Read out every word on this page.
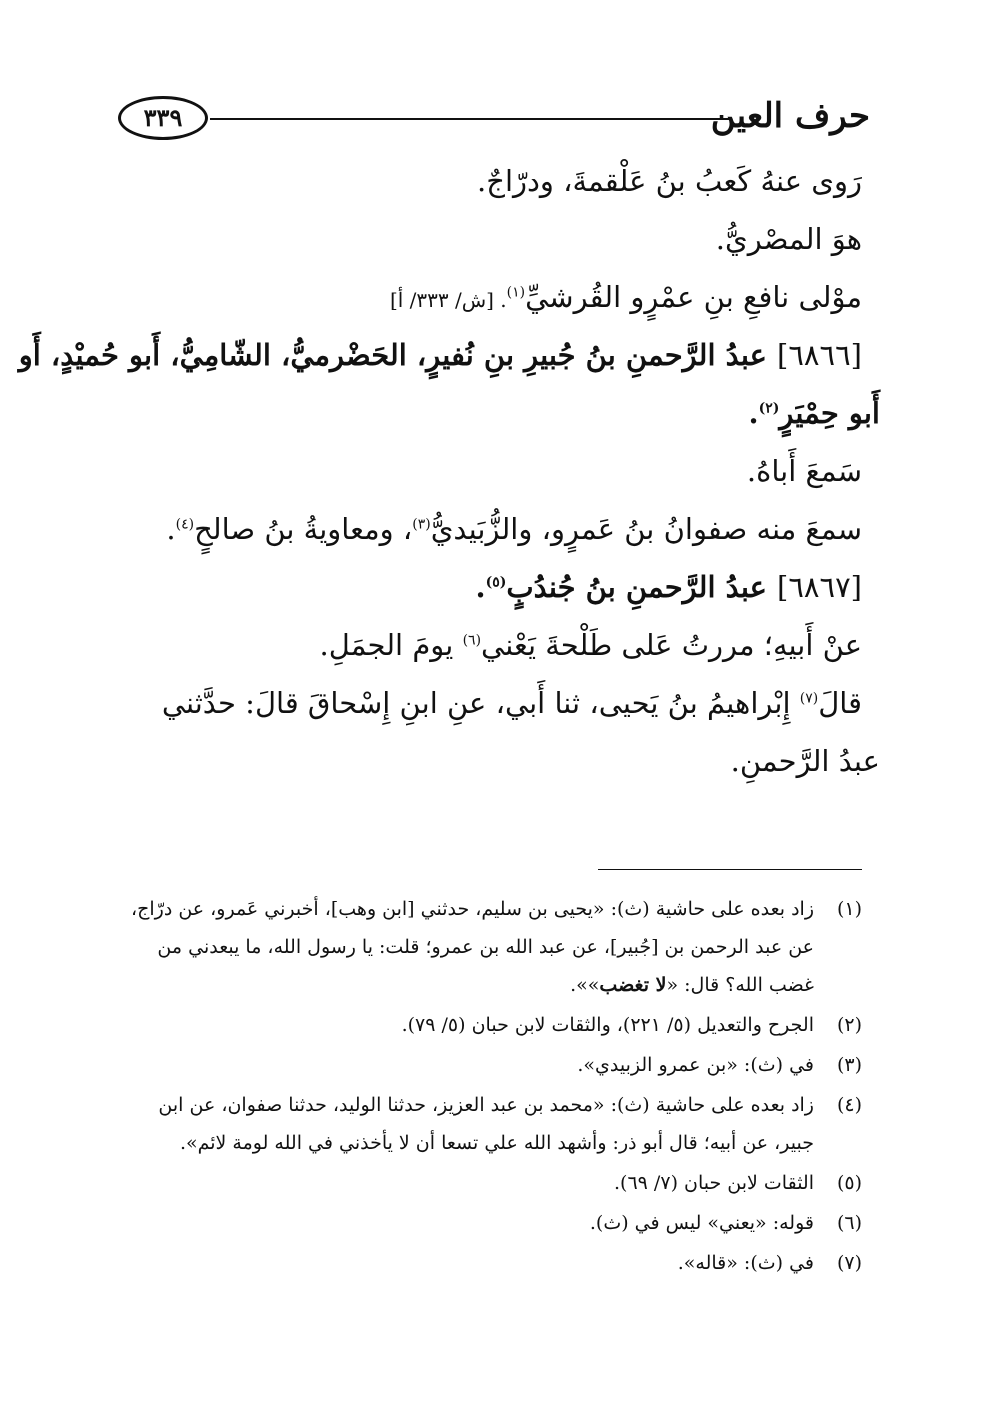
حرف العين
٣٣٩
رَوى عنهُ كَعبُ بنُ عَلْقمةَ، ودرّاجٌ.
هوَ المصْريُّ.
موْلى نافعِ بنِ عمْرٍو القُرشيِّ$^{(١)}$. [ش/ ٣٣٣/ أ]
[٦٨٦٦] عبدُ الرَّحمنِ بنُ جُبيرِ بنِ نُفيرٍ، الحَضْرميُّ، الشّامِيُّ، أَبو حُميْدٍ، أَو
أَبو حِمْيَرٍ$^{(٢)}$.
سَمعَ أَباهُ.
سمعَ منه صفوانُ بنُ عَمرٍو، والزُّبَيديُّ$^{(٣)}$، ومعاويةُ بنُ صالحٍ$^{(٤)}$.
[٦٨٦٧] عبدُ الرَّحمنِ بنُ جُندُبٍ$^{(٥)}$.
عنْ أَبيهِ؛ مررتُ عَلى طَلْحةَ يَعْني$^{(٦)}$ يومَ الجمَلِ.
قالَ$^{(٧)}$ إِبْراهيمُ بنُ يَحيى، ثنا أَبي، عنِ ابنِ إِسْحاقَ قالَ: حدَّثني
عبدُ الرَّحمنِ.
(١)
زاد بعده على حاشية (ث): «يحيى بن سليم، حدثني [ابن وهب]، أخبرني عَمرو، عن درّاج، عن عبد الرحمن بن [جُبير]، عن عبد الله بن عمرو؛ قلت: يا رسول الله، ما يبعدني من غضب الله؟ قال: «لا تغضب»».
(٢)
الجرح والتعديل (٥/ ٢٢١)، والثقات لابن حبان (٥/ ٧٩).
(٣)
في (ث): «بن عمرو الزبيدي».
(٤)
زاد بعده على حاشية (ث): «محمد بن عبد العزيز، حدثنا الوليد، حدثنا صفوان، عن ابن جبير، عن أبيه؛ قال أبو ذر: وأشهد الله علي تسعا أن لا يأخذني في الله لومة لائم».
(٥)
الثقات لابن حبان (٧/ ٦٩).
(٦)
قوله: «يعني» ليس في (ث).
(٧)
في (ث): «قاله».
